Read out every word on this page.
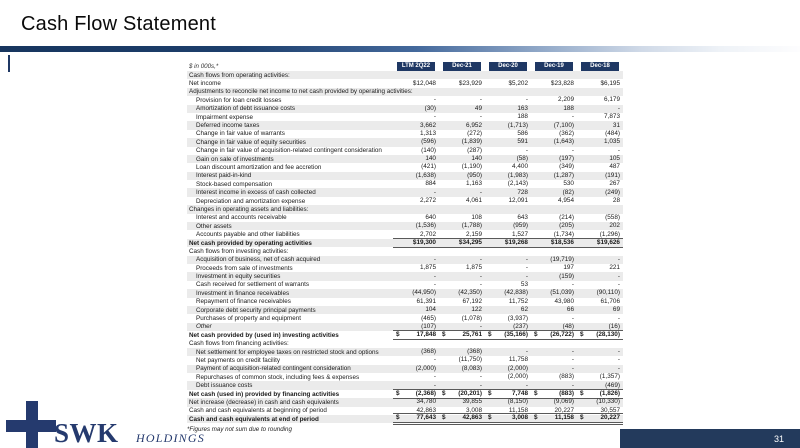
Cash Flow Statement
$ in 000s,*	LTM 2Q22	Dec-21	Dec-20	Dec-19	Dec-18
Cash flows from operating activities:
Net income	$12,048	$23,929	$5,202	$23,828	$6,195
Adjustments to reconcile net income to net cash provided by operating activities:
Provision for loan credit losses	-	-	-	2,209	6,179
Amortization of debt issuance costs	(30)	49	163	188	-
Impairment expense	-	-	188	-	7,873
Deferred income taxes	3,662	6,952	(1,713)	(7,100)	31
Change in fair value of warrants	1,313	(272)	586	(362)	(484)
Change in fair value of equity securities	(596)	(1,839)	591	(1,643)	1,035
Change in fair value of acquisition-related contingent consideration	(140)	(287)	-	-	-
Gain on sale of investments	140	140	(58)	(197)	105
Loan discount amortization and fee accretion	(421)	(1,190)	4,400	(349)	487
Interest paid-in-kind	(1,638)	(950)	(1,983)	(1,287)	(191)
Stock-based compensation	884	1,163	(2,143)	530	267
Interest income in excess of cash collected	-	-	728	(82)	(249)
Depreciation and amortization expense	2,272	4,061	12,091	4,954	28
Changes in operating assets and liabilities:
Interest and accounts receivable	640	108	643	(214)	(558)
Other assets	(1,536)	(1,788)	(959)	(205)	202
Accounts payable and other liabilities	2,702	2,159	1,527	(1,734)	(1,296)
Net cash provided by operating activities	$19,300	$34,295	$19,268	$18,536	$19,626
Cash flows from investing activities:
Acquisition of business, net of cash acquired	-	-	-	(19,719)	-
Proceeds from sale of investments	1,875	1,875	-	197	221
Investment in equity securities	-	-	-	(159)	-
Cash received for settlement of warrants	-	-	53	-	-
Investment in finance receivables	(44,950)	(42,350)	(42,838)	(51,039)	(90,110)
Repayment of finance receivables	61,391	67,192	11,752	43,980	61,706
Corporate debt security principal payments	104	122	62	66	69
Purchases of property and equipment	(465)	(1,078)	(3,937)	-	-
Other	(107)	-	(237)	(48)	(16)
Net cash provided by (used in) investing activities	$	17,848 $	25,761 $ (35,166) $ (26,722) $ (28,130)
Cash flows from financing activities:
Net settlement for employee taxes on restricted stock and options	(368)	(368)	-	-	-
Net payments on credit facility	-	(11,750)	11,758	-	-
Payment of acquisition-related contingent consideration	(2,000)	(8,083)	(2,000)	-	-
Repurchases of common stock, including fees & expenses	-	-	(2,000)	(883)	(1,357)
Debt issuance costs	-	-	-	-	(469)
Net cash (used in) provided by financing activities	$	(2,368) $ (20,201) $	7,748 $	(883) $	(1,826)
Net increase (decrease) in cash and cash equivalents	34,780	39,855	(8,150)	(9,069)	(10,330)
Cash and cash equivalents at beginning of period	42,863	3,008	11,158	20,227	30,557
Cash and cash equivalents at end of period	$	77,643 $	42,863 $	3,008 $	11,158 $	20,227
*Figures may not sum due to rounding
SWK HOLDINGS	31
